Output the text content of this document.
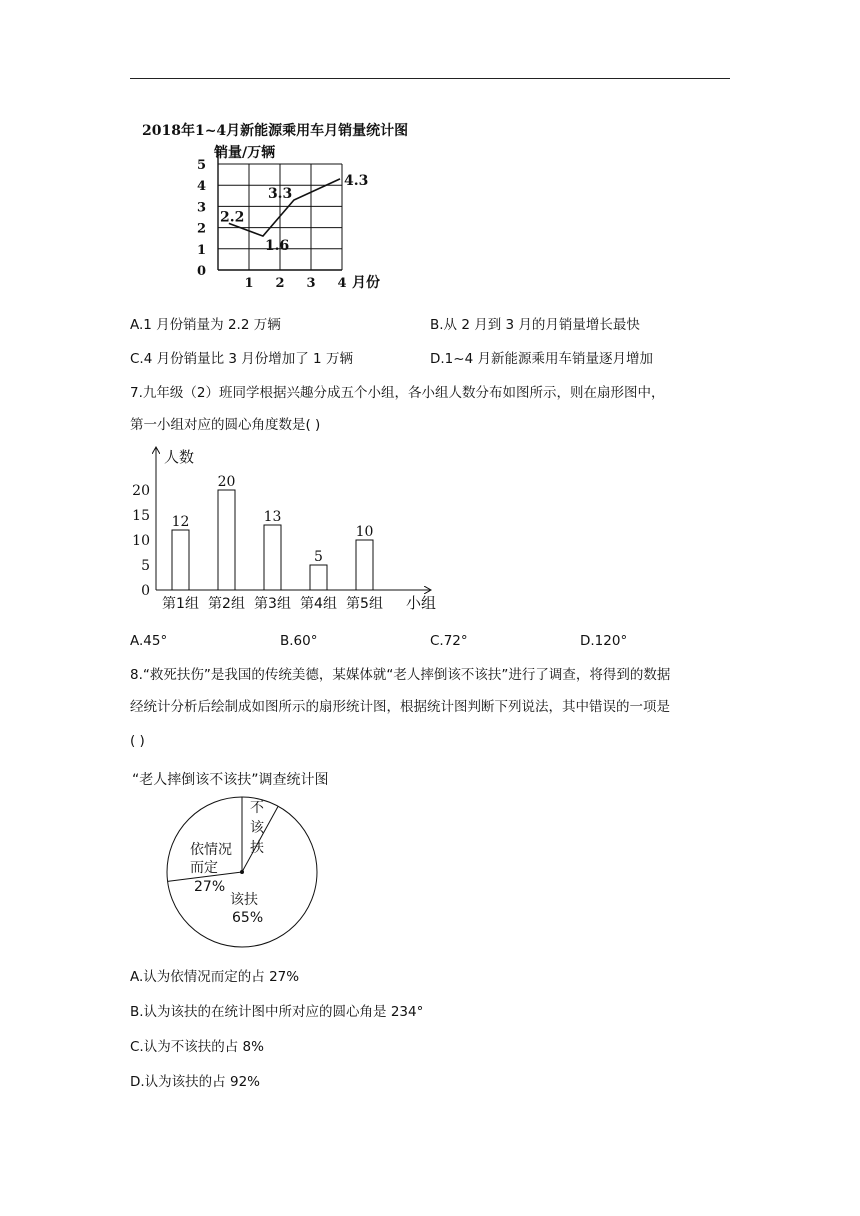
2018年1~4月新能源乘用车月销量统计图
销量/万辆
月份
0
1
2
3
4
5
1 2 3 4
2.2
1.6
3.3
4.3
A.1 月份销量为 2.2 万辆	B.从 2 月到 3 月的月销量增长最快
C.4 月份销量比 3 月份增加了 1 万辆	D.1~4 月新能源乘用车销量逐月增加
7.九年级（2）班同学根据兴趣分成五个小组，各小组人数分布如图所示，则在扇形图中，
第一小组对应的圆心角度数是( )
人数
小组
0
5
10
15
20
12
20
13
5
10
第1组 第2组 第3组 第4组 第5组
A.45°	B.60°	C.72°	D.120°
8.“救死扶伤”是我国的传统美德，某媒体就“老人摔倒该不该扶”进行了调查，将得到的数据
经统计分析后绘制成如图所示的扇形统计图，根据统计图判断下列说法，其中错误的一项是
( )
“老人摔倒该不该扶”调查统计图
依情况
而定
27%
不
该
扶
该扶
65%
A.认为依情况而定的占 27%
B.认为该扶的在统计图中所对应的圆心角是 234°
C.认为不该扶的占 8%
D.认为该扶的占 92%
